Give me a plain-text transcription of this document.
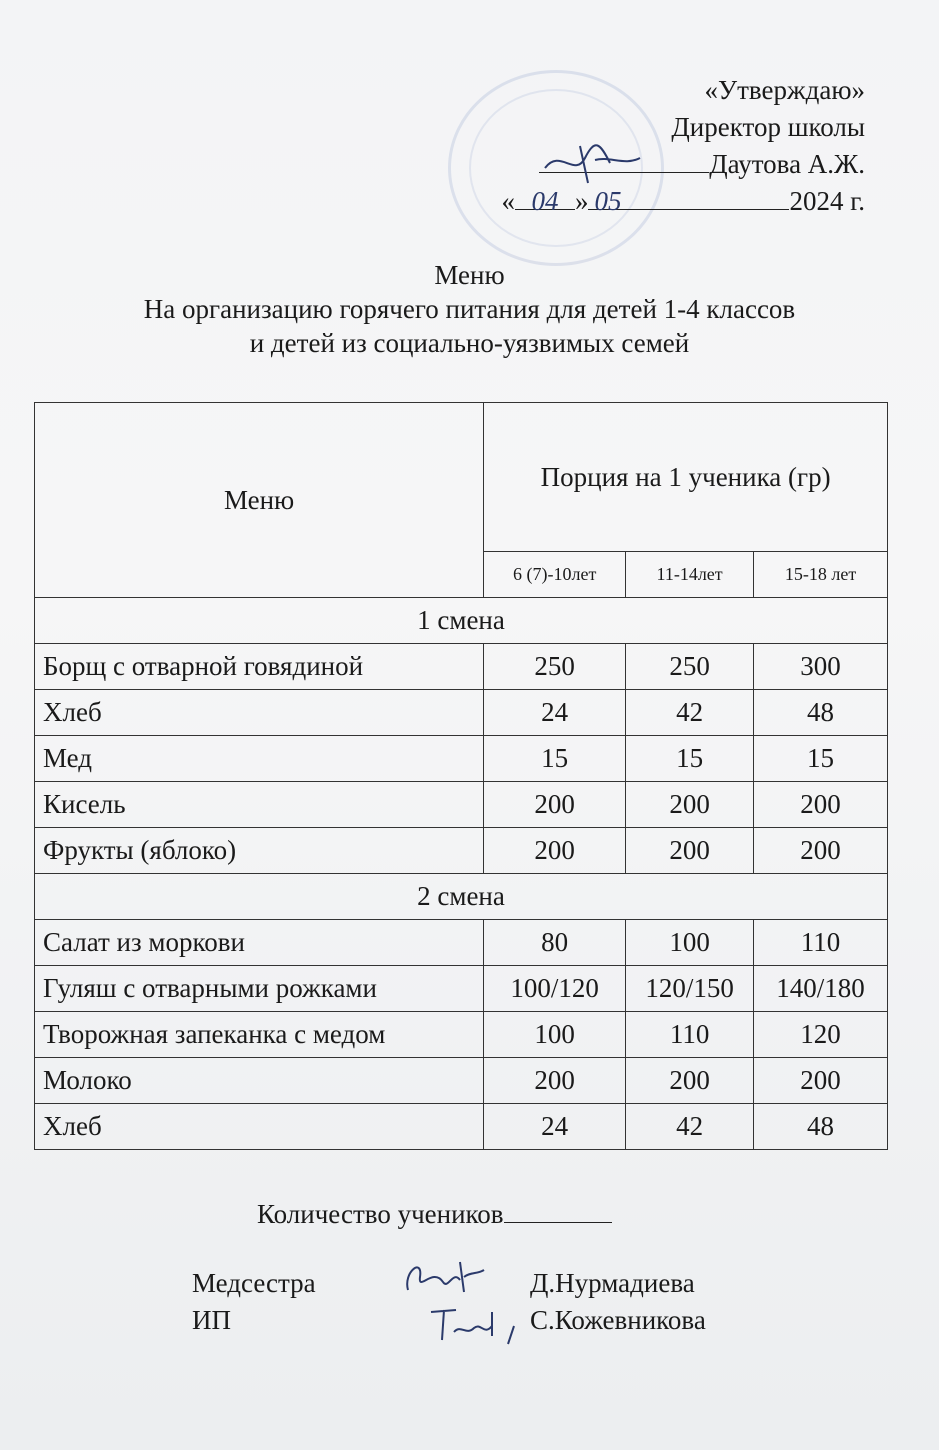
«Утверждаю»
Директор школы
Даутова А.Ж.
« 04 » 05	2024 г.
Меню
На организацию горячего питания для детей 1-4 классов
и детей из социально-уязвимых семей
Меню	Порция на 1 ученика (гр)		
	6 (7)-10лет	11-14лет	15-18 лет
1 смена			
Борщ с отварной говядиной	250	250	300
Хлеб	24	42	48
Мед	15	15	15
Кисель	200	200	200
Фрукты (яблоко)	200	200	200
2 смена			
Салат из моркови	80	100	110
Гуляш с отварными рожками	100/120	120/150	140/180
Творожная запеканка с медом	100	110	120
Молоко	200	200	200
Хлеб	24	42	48
Количество учеников
Медсестра	Д.Нурмадиева
ИП	С.Кожевникова
